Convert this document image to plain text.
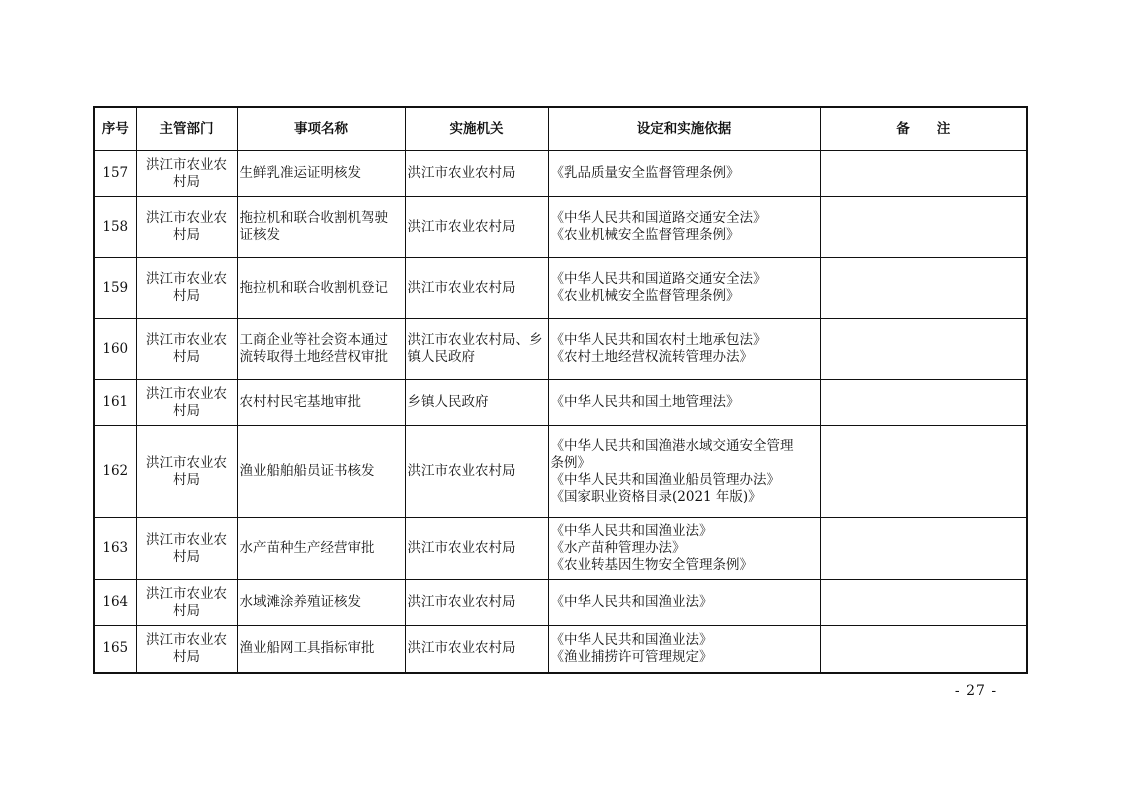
序号	主管部门	事项名称	实施机关	设定和实施依据	备　　注
157	洪江市农业农
村局	生鲜乳准运证明核发	洪江市农业农村局	《乳品质量安全监督管理条例》	

158	洪江市农业农
村局	拖拉机和联合收割机驾驶
证核发	洪江市农业农村局	《中华人民共和国道路交通安全法》
《农业机械安全监督管理条例》	

159	洪江市农业农
村局	拖拉机和联合收割机登记	洪江市农业农村局	《中华人民共和国道路交通安全法》
《农业机械安全监督管理条例》	

160	洪江市农业农
村局	工商企业等社会资本通过
流转取得土地经营权审批	洪江市农业农村局、乡
镇人民政府	《中华人民共和国农村土地承包法》
《农村土地经营权流转管理办法》	

161	洪江市农业农
村局	农村村民宅基地审批	乡镇人民政府	《中华人民共和国土地管理法》	

162	洪江市农业农
村局	渔业船舶船员证书核发	洪江市农业农村局	《中华人民共和国渔港水域交通安全管理
条例》
《中华人民共和国渔业船员管理办法》
《国家职业资格目录(2021 年版)》	

163	洪江市农业农
村局	水产苗种生产经营审批	洪江市农业农村局	《中华人民共和国渔业法》
《水产苗种管理办法》
《农业转基因生物安全管理条例》	

164	洪江市农业农
村局	水域滩涂养殖证核发	洪江市农业农村局	《中华人民共和国渔业法》	

165	洪江市农业农
村局	渔业船网工具指标审批	洪江市农业农村局	《中华人民共和国渔业法》
《渔业捕捞许可管理规定》	

- 27 -
